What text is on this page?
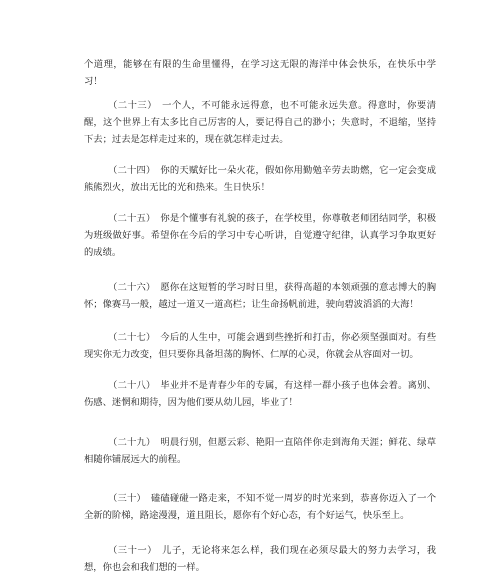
个道理，能够在有限的生命里懂得，在学习这无限的海洋中体会快乐，在快乐中学习！

（二十三）　一个人，不可能永远得意，也不可能永远失意。得意时，你要清醒，这个世界上有太多比自己厉害的人，要记得自己的渺小；失意时，不退缩，坚持下去；过去是怎样走过来的，现在就怎样走过去。

（二十四）　你的天赋好比一朵火花，假如你用勤勉辛劳去助燃，它一定会变成熊熊烈火，放出无比的光和热来。生日快乐！

（二十五）　你是个懂事有礼貌的孩子，在学校里，你尊敬老师团结同学，积极为班级做好事。希望你在今后的学习中专心听讲，自觉遵守纪律，认真学习争取更好的成绩。

（二十六）　愿你在这短暂的学习时日里，获得高超的本领顽强的意志博大的胸怀；像赛马一般，越过一道又一道高栏；让生命扬帆前进，驶向碧波滔滔的大海！

（二十七）　今后的人生中，可能会遇到些挫折和打击，你必须坚强面对。有些现实你无力改变，但只要你具备坦荡的胸怀、仁厚的心灵，你就会从容面对一切。

（二十八）　毕业并不是青春少年的专属，有这样一群小孩子也体会着。离别、伤感、迷惘和期待，因为他们要从幼儿园，毕业了！

（二十九）　明晨行别，但愿云彩、艳阳一直陪伴你走到海角天涯；鲜花、绿草相随你铺展远大的前程。

（三十）　磕磕碰碰一路走来，不知不觉一周岁的时光来到，恭喜你迈入了一个全新的阶梯，路途漫漫，道且阻长，愿你有个好心态，有个好运气，快乐至上。

（三十一）　儿子，无论将来怎么样，我们现在必须尽最大的努力去学习，我想，你也会和我们想的一样。
